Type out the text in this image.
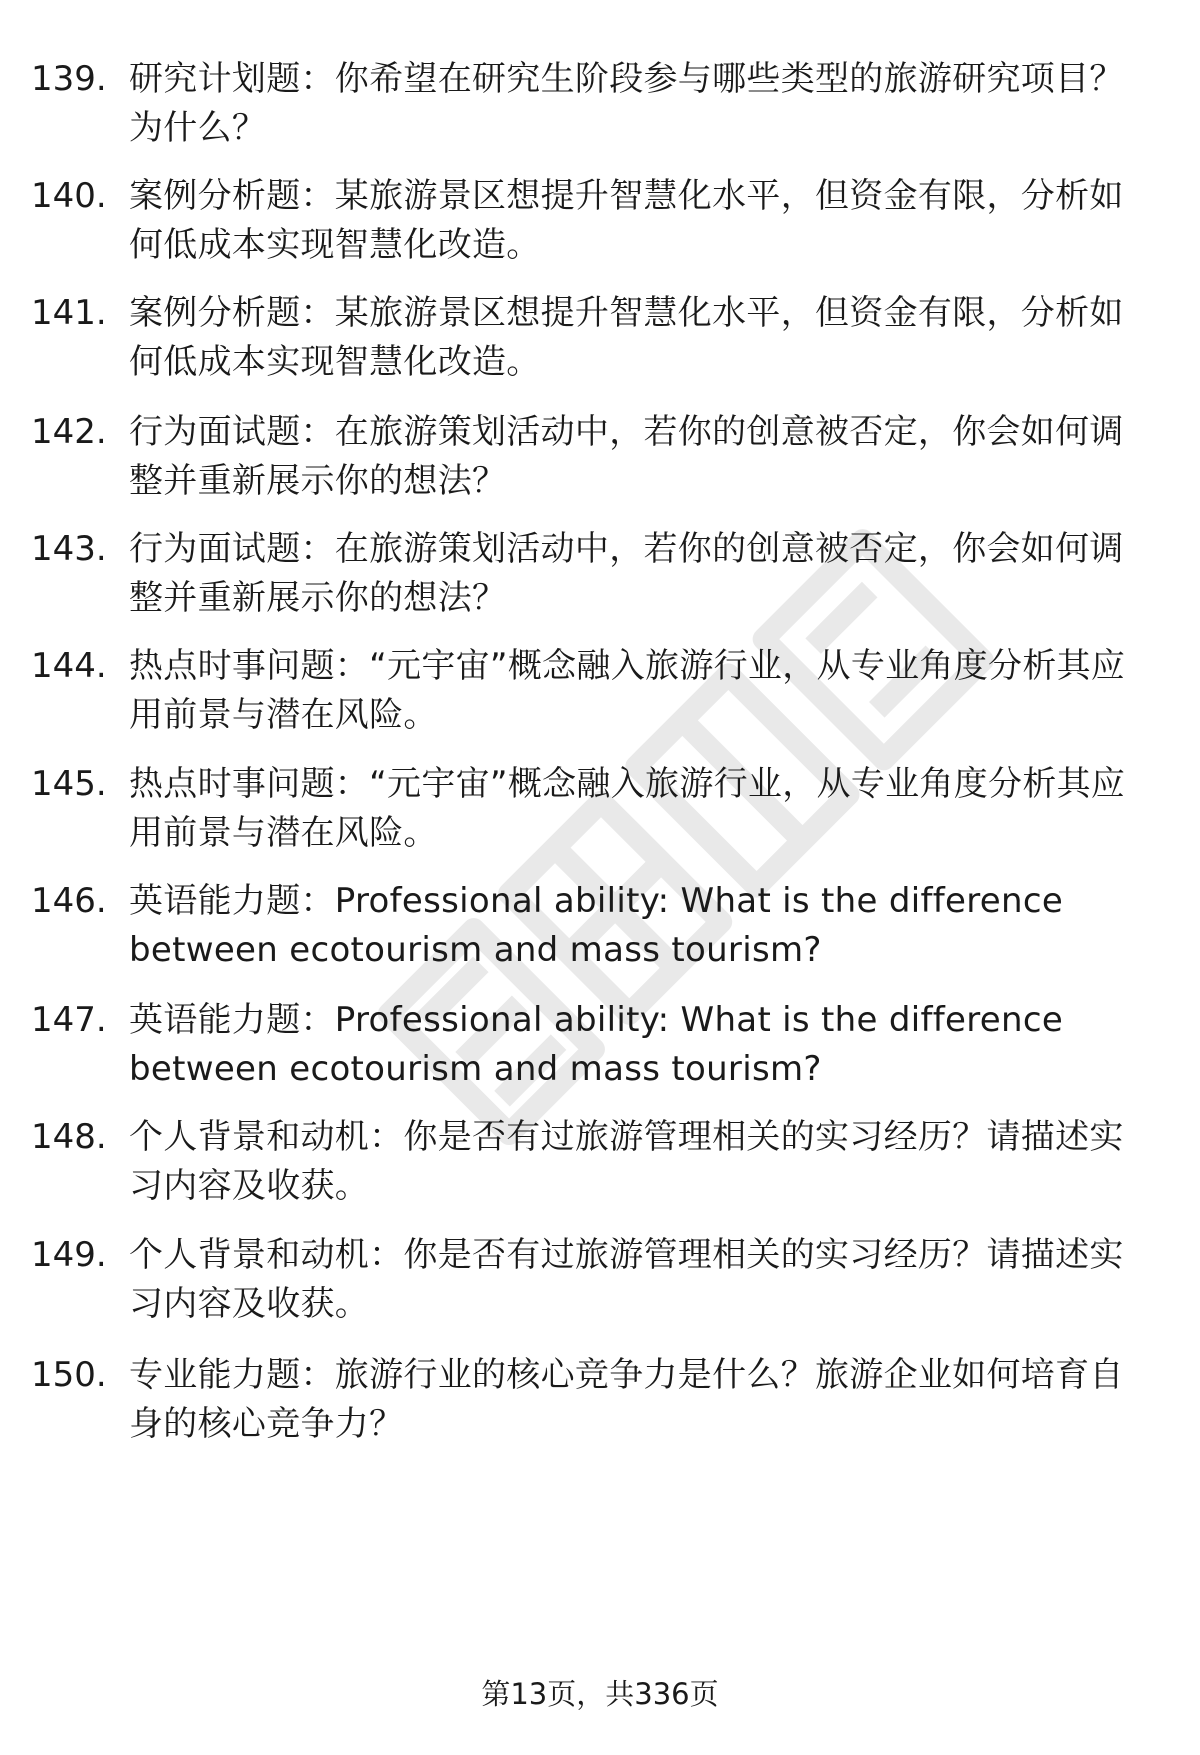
139. 研究计划题：你希望在研究生阶段参与哪些类型的旅游研究项目？为什么？
140. 案例分析题：某旅游景区想提升智慧化水平，但资金有限，分析如何低成本实现智慧化改造。
141. 案例分析题：某旅游景区想提升智慧化水平，但资金有限，分析如何低成本实现智慧化改造。
142. 行为面试题：在旅游策划活动中，若你的创意被否定，你会如何调整并重新展示你的想法？
143. 行为面试题：在旅游策划活动中，若你的创意被否定，你会如何调整并重新展示你的想法？
144. 热点时事问题：“元宇宙”概念融入旅游行业，从专业角度分析其应用前景与潜在风险。
145. 热点时事问题：“元宇宙”概念融入旅游行业，从专业角度分析其应用前景与潜在风险。
146. 英语能力题：Professional ability: What is the difference between ecotourism and mass tourism?
147. 英语能力题：Professional ability: What is the difference between ecotourism and mass tourism?
148. 个人背景和动机：你是否有过旅游管理相关的实习经历？请描述实习内容及收获。
149. 个人背景和动机：你是否有过旅游管理相关的实习经历？请描述实习内容及收获。
150. 专业能力题：旅游行业的核心竞争力是什么？旅游企业如何培育自身的核心竞争力？
第13页，共336页
